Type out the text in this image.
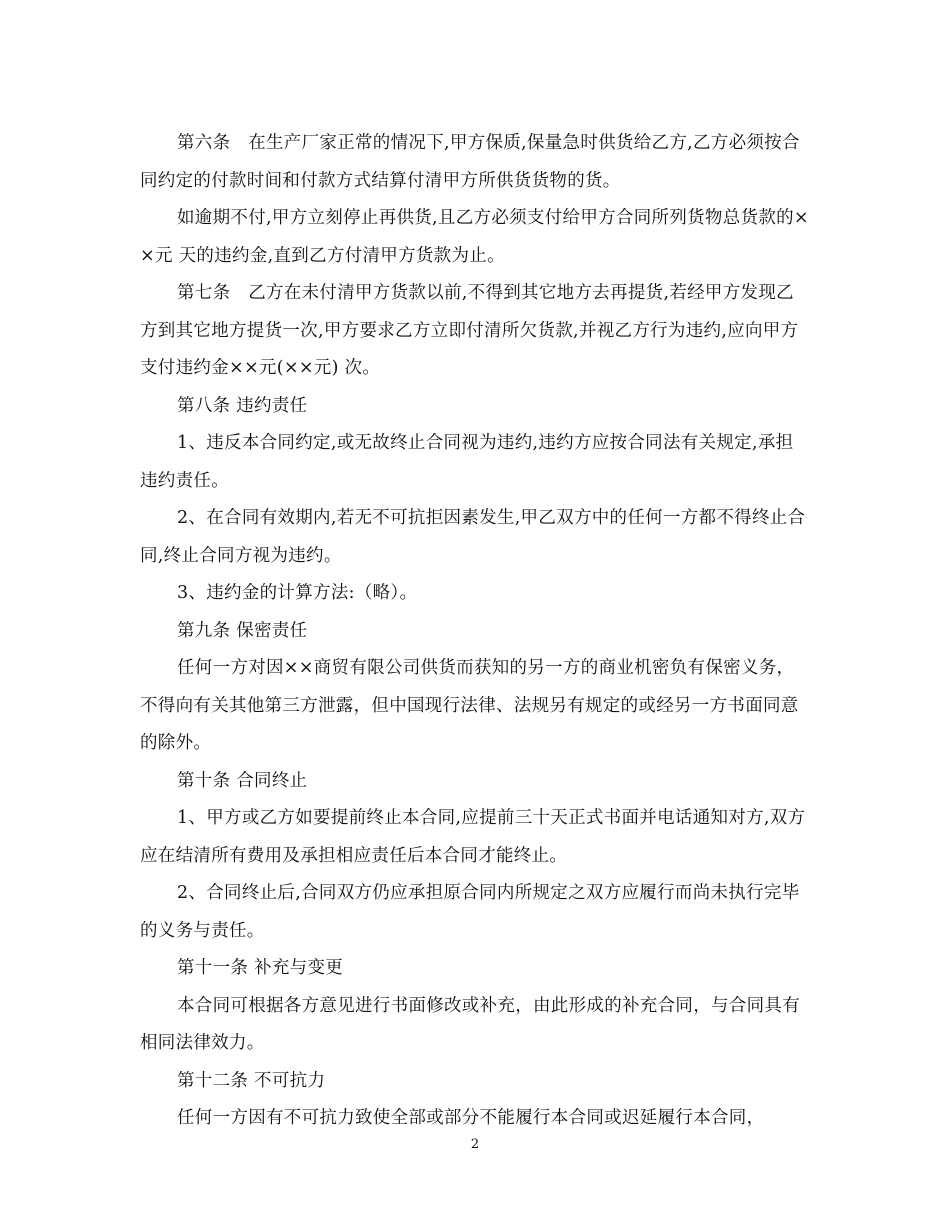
第六条　在生产厂家正常的情况下,甲方保质,保量急时供货给乙方,乙方必须按合同约定的付款时间和付款方式结算付清甲方所供货货物的货。

如逾期不付,甲方立刻停止再供货,且乙方必须支付给甲方合同所列货物总货款的××元 天的违约金,直到乙方付清甲方货款为止。

第七条　乙方在未付清甲方货款以前,不得到其它地方去再提货,若经甲方发现乙方到其它地方提货一次,甲方要求乙方立即付清所欠货款,并视乙方行为违约,应向甲方支付违约金××元(××元) 次。

第八条 违约责任

1、违反本合同约定,或无故终止合同视为违约,违约方应按合同法有关规定,承担违约责任。

2、在合同有效期内,若无不可抗拒因素发生,甲乙双方中的任何一方都不得终止合同,终止合同方视为违约。

3、违约金的计算方法:（略）。

第九条 保密责任

任何一方对因××商贸有限公司供货而获知的另一方的商业机密负有保密义务，不得向有关其他第三方泄露，但中国现行法律、法规另有规定的或经另一方书面同意的除外。

第十条 合同终止

1、甲方或乙方如要提前终止本合同,应提前三十天正式书面并电话通知对方,双方应在结清所有费用及承担相应责任后本合同才能终止。

2、合同终止后,合同双方仍应承担原合同内所规定之双方应履行而尚未执行完毕的义务与责任。

第十一条 补充与变更

本合同可根据各方意见进行书面修改或补充，由此形成的补充合同，与合同具有相同法律效力。

第十二条 不可抗力

任何一方因有不可抗力致使全部或部分不能履行本合同或迟延履行本合同，

2
